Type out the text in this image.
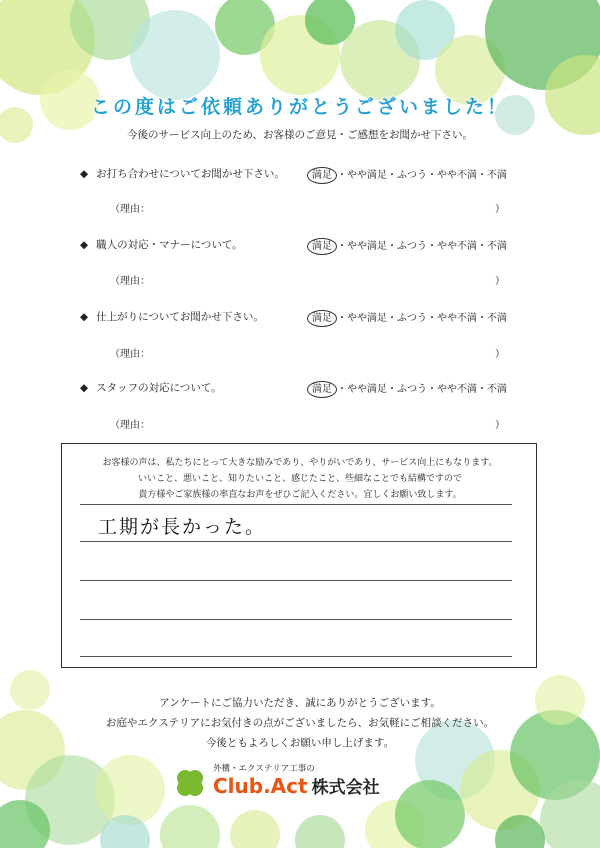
この度はご依頼ありがとうございました！
今後のサービス向上のため、お客様のご意見・ご感想をお聞かせ下さい。
◆ お打ち合わせについてお聞かせ下さい。	満足 ・やや満足・ふつう・やや不満・不満
（理由：	）
◆ 職人の対応・マナーについて。	満足 ・やや満足・ふつう・やや不満・不満
（理由：	）
◆ 仕上がりについてお聞かせ下さい。	満足 ・やや満足・ふつう・やや不満・不満
（理由：	）
◆ スタッフの対応について。	満足 ・やや満足・ふつう・やや不満・不満
（理由：	）
お客様の声は、私たちにとって大きな励みであり、やりがいであり、サービス向上にもなります。
いいこと、悪いこと、知りたいこと、感じたこと、些細なことでも結構ですので
貴方様やご家族様の率直なお声をぜひご記入ください。宜しくお願い致します。
工期が長かった。
アンケートにご協力いただき、誠にありがとうございます。
お庭やエクステリアにお気付きの点がございましたら、お気軽にご相談ください。
今後ともよろしくお願い申し上げます。
外構・エクステリア工事の
Club.Act 株式会社
